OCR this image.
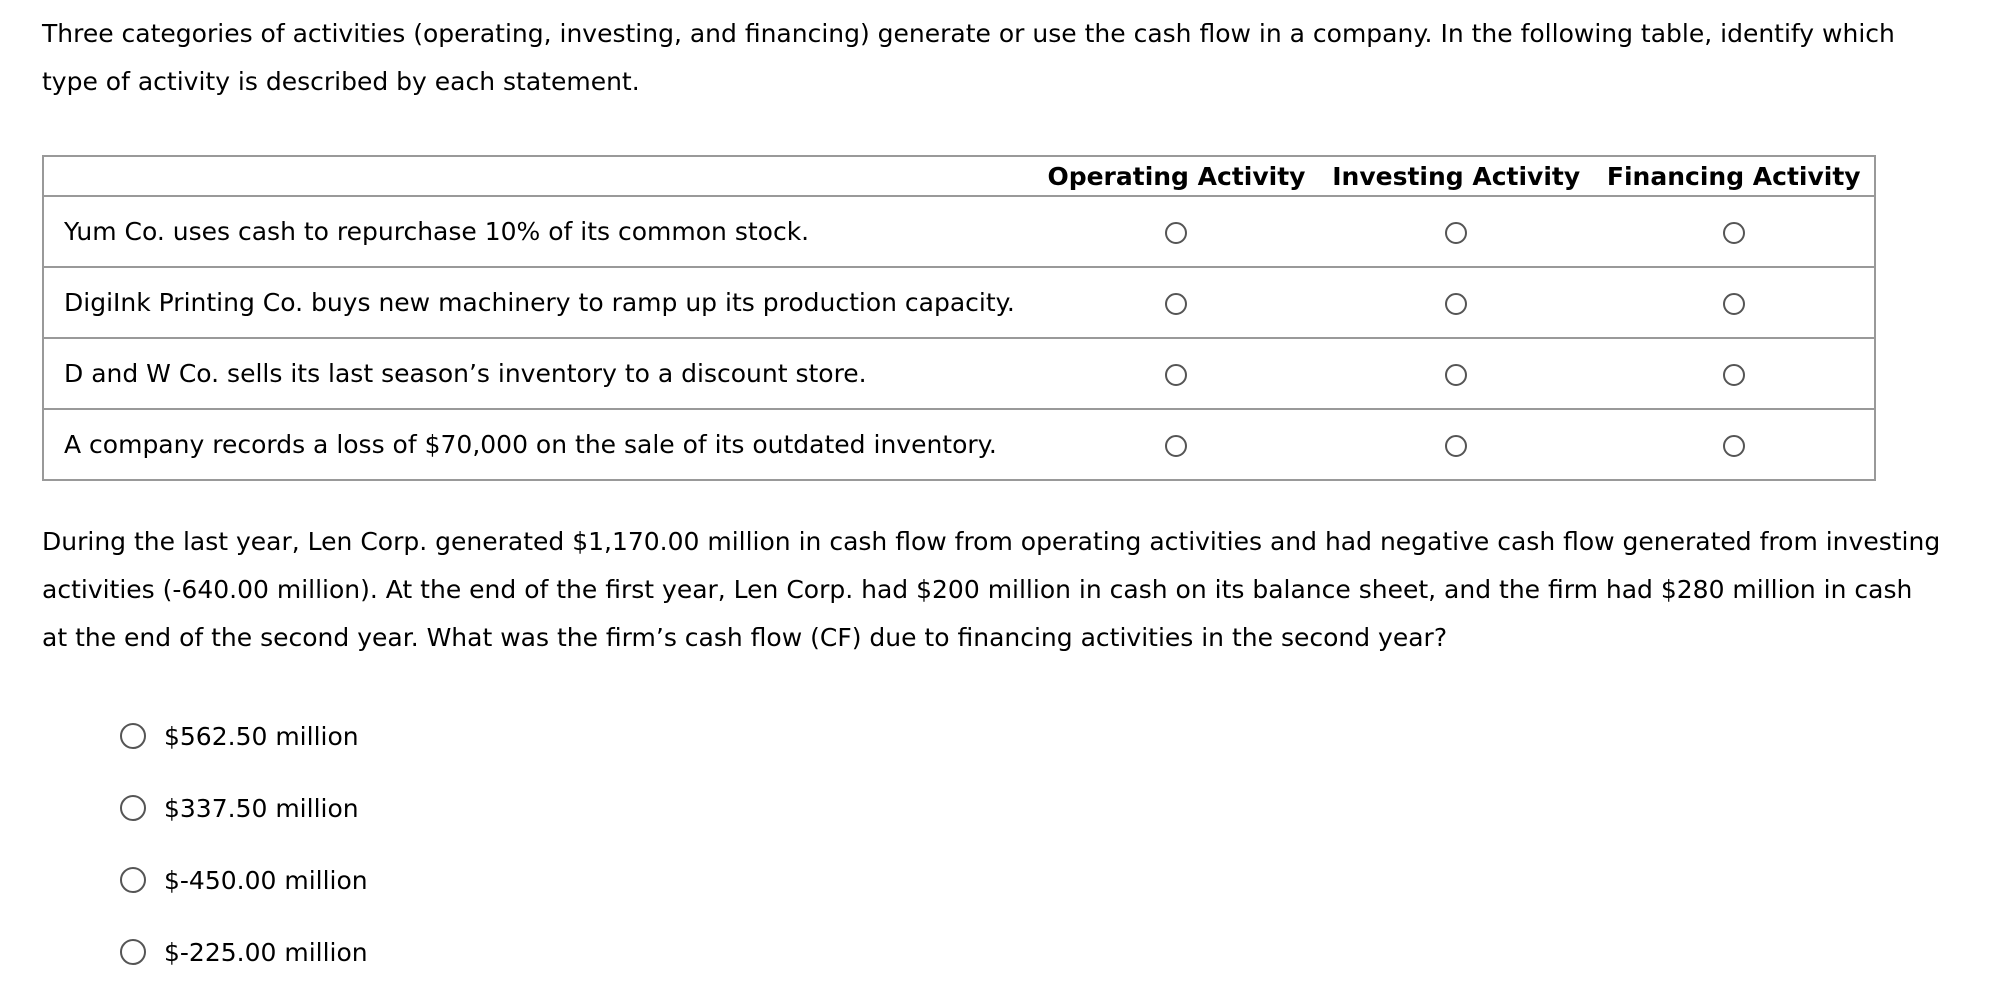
Three categories of activities (operating, investing, and financing) generate or use the cash flow in a company. In the following table, identify which type of activity is described by each statement.

	Operating Activity	Investing Activity	Financing Activity
Yum Co. uses cash to repurchase 10% of its common stock.			
DigiInk Printing Co. buys new machinery to ramp up its production capacity.			
D and W Co. sells its last season’s inventory to a discount store.			
A company records a loss of $70,000 on the sale of its outdated inventory.			

During the last year, Len Corp. generated $1,170.00 million in cash flow from operating activities and had negative cash flow generated from investing activities (-640.00 million). At the end of the first year, Len Corp. had $200 million in cash on its balance sheet, and the firm had $280 million in cash at the end of the second year. What was the firm’s cash flow (CF) due to financing activities in the second year?

$562.50 million
$337.50 million
$-450.00 million
$-225.00 million
